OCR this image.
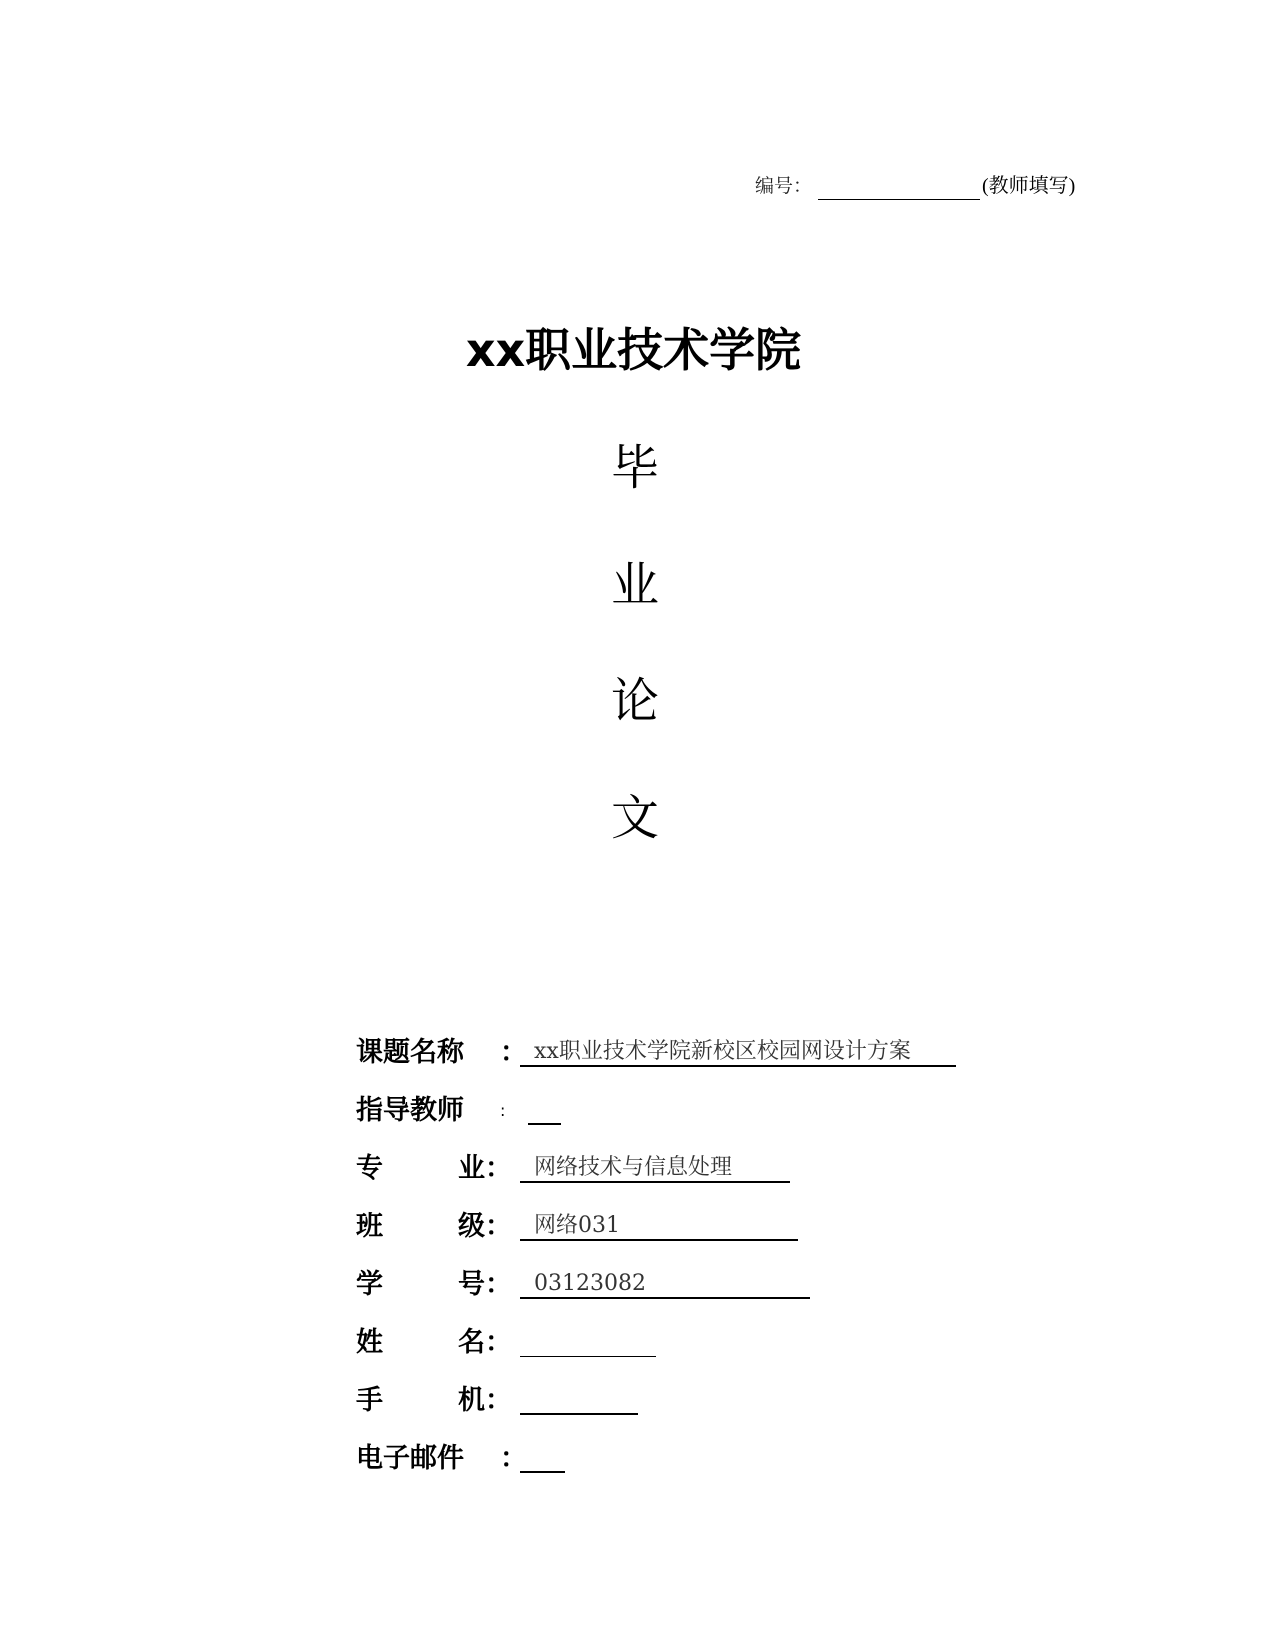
编号：	(教师填写)
xx职业技术学院
毕
业
论
文
课题名称	： xx职业技术学院新校区校园网设计方案
指导教师	:
专	业 ：	网络技术与信息处理
班	级 ：	网络031
学	号 ：	03123082
姓	名 ：
手	机 ：
电子邮件	：
